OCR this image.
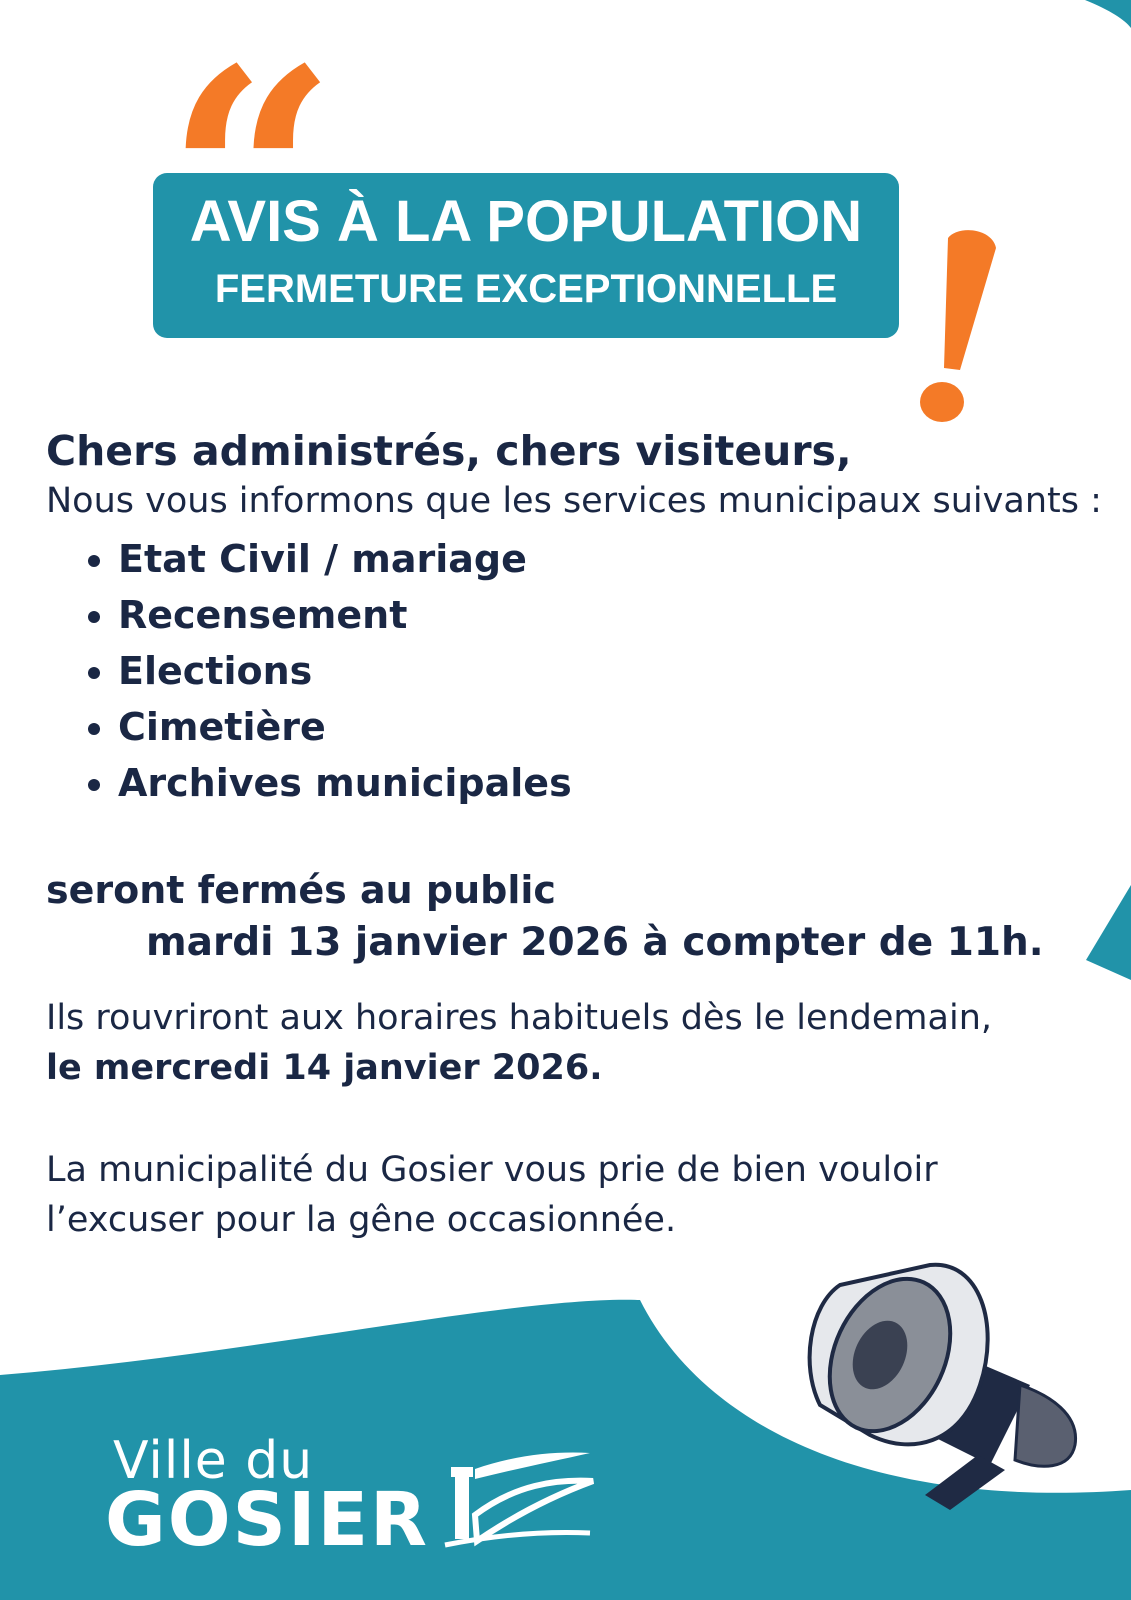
AVIS À LA POPULATION
FERMETURE EXCEPTIONNELLE

Chers administrés, chers visiteurs,

Nous vous informons que les services municipaux suivants :

• Etat Civil / mariage
• Recensement
• Elections
• Cimetière
• Archives municipales

seront fermés au public

mardi 13 janvier 2026 à compter de 11h.

Ils rouvriront aux horaires habituels dès le lendemain,

le mercredi 14 janvier 2026.

La municipalité du Gosier vous prie de bien vouloir l’excuser pour la gêne occasionnée.

Ville du
GOSIER
